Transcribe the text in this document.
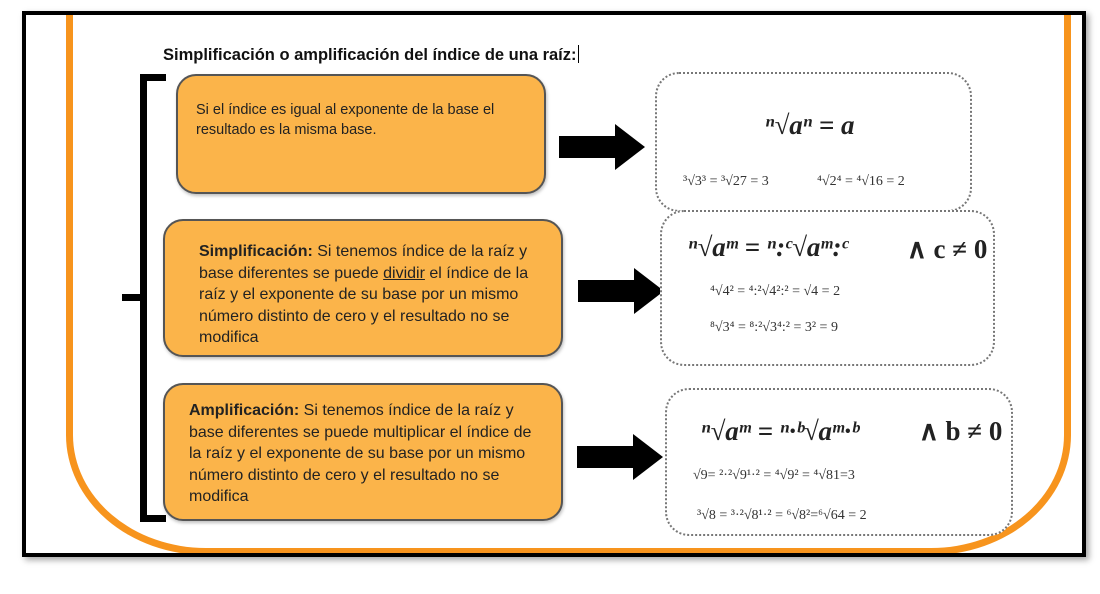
Simplificación o amplificación del índice de una raíz:
Si el índice es igual al exponente de la base el resultado es la misma base.
Simplificación: Si tenemos índice de la raíz y base diferentes se puede dividir el índice de la raíz y el exponente de su base por un mismo número distinto de cero y el resultado no se modifica
Amplificación: Si tenemos índice de la raíz y base diferentes se puede multiplicar el índice de la raíz y el exponente de su base por un mismo número distinto de cero y el resultado no se modifica
ⁿ√aⁿ = a
³√3³ = ³√27 = 3	⁴√2⁴ = ⁴√16 = 2
ⁿ√aᵐ = ⁿ:ᶜ√aᵐ:ᶜ ∧ c ≠ 0
⁴√4² = ⁴:²√4²:² = √4 = 2
⁸√3⁴ = ⁸:²√3⁴:² = 3² = 9
ⁿ√aᵐ = ⁿ·ᵇ√aᵐ·ᵇ ∧ b ≠ 0
√9= ²·²√9¹·² = ⁴√9² = ⁴√81=3
³√8 = ³·²√8¹·² = ⁶√8²=⁶√64 = 2
